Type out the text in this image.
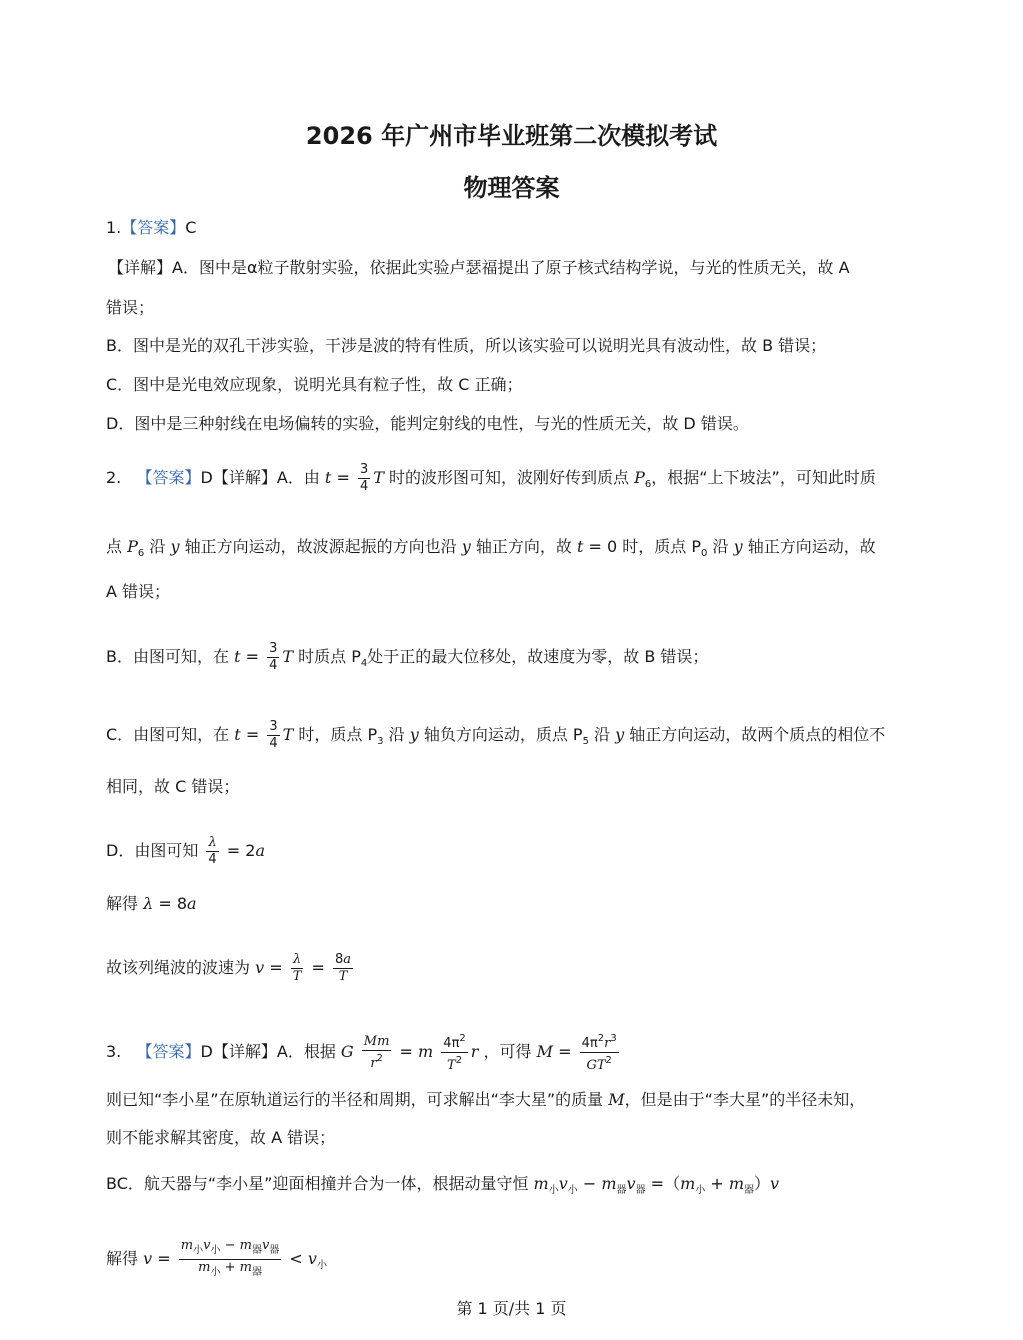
2026 年广州市毕业班第二次模拟考试
物理答案
1.【答案】C
【详解】A．图中是α粒子散射实验，依据此实验卢瑟福提出了原子核式结构学说，与光的性质无关，故 A
错误；
B．图中是光的双孔干涉实验，干涉是波的特有性质，所以该实验可以说明光具有波动性，故 B 错误；
C．图中是光电效应现象，说明光具有粒子性，故 C 正确；
D．图中是三种射线在电场偏转的实验，能判定射线的电性，与光的性质无关，故 D 错误。
2. 【答案】D【详解】A．由 $t = \frac{3}{4}$ T 时的波形图可知，波刚好传到质点 $P_6$，根据“上下坡法”，可知此时质
点 $P_6$ 沿 y 轴正方向运动，故波源起振的方向也沿 y 轴正方向，故 t = 0 时，质点 $P_0$ 沿 y 轴正方向运动，故
A 错误；
B．由图可知，在 $t = \frac{3}{4}$ T 时质点 $P_4$处于正的最大位移处，故速度为零，故 B 错误；
C．由图可知，在 $t = \frac{3}{4}$ T 时，质点 $P_3$ 沿 y 轴负方向运动，质点 $P_5$ 沿 y 轴正方向运动，故两个质点的相位不
相同，故 C 错误；
D．由图可知 $\frac{\lambda}{4} = 2a$
解得 λ = 8a
故该列绳波的波速为 $v = \frac{\lambda}{T} = \frac{8a}{T}$
3. 【答案】D【详解】A．根据 G $\frac{Mm}{r^2} = m \frac{4\pi^2}{T^2}$ r ，可得 $M = \frac{4\pi^2r^3}{GT^2}$
则已知“李小星”在原轨道运行的半径和周期，可求解出“李大星”的质量 M，但是由于“李大星”的半径未知，
则不能求解其密度，故 A 错误；
BC．航天器与“李小星”迎面相撞并合为一体，根据动量守恒 $m_小v_小 - m_器v_器 =(m_小 + m_器)v$
解得 $v = \frac{m_小v_小 - m_器v_器}{m_小 + m_器} < v_小$
第 1 页/共 1 页
